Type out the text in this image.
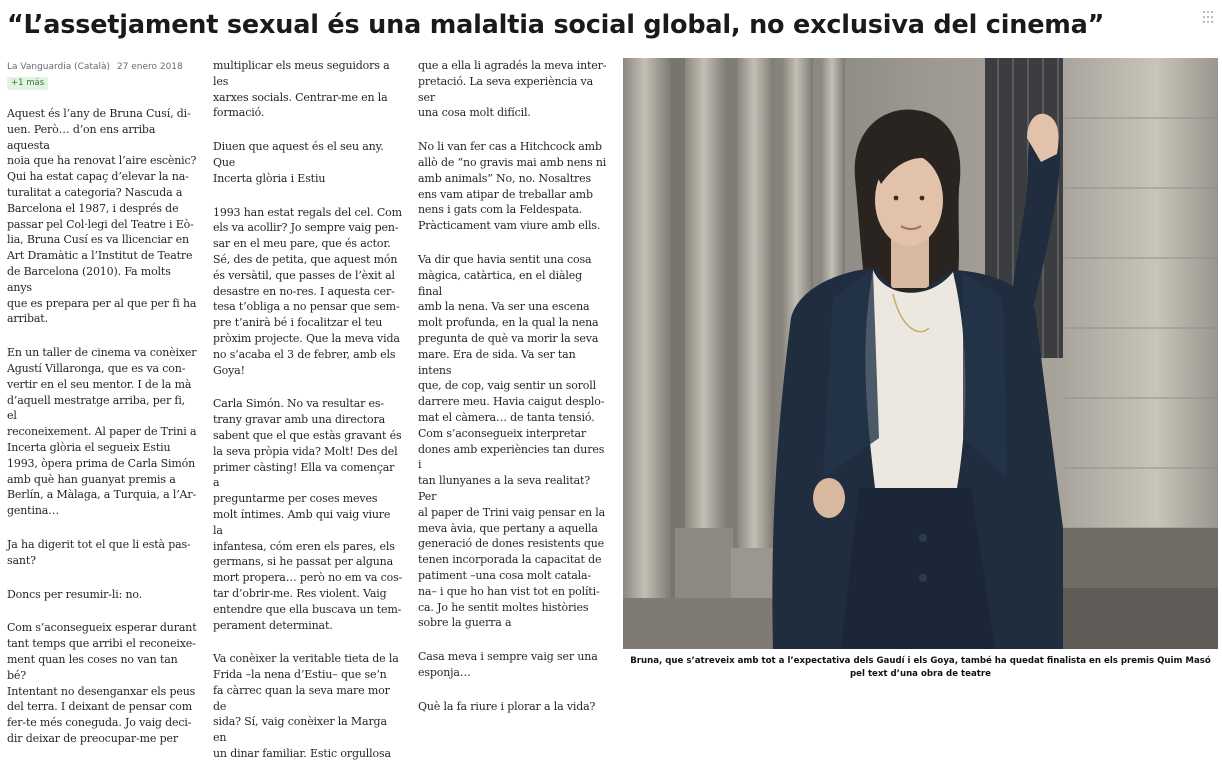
“L’assetjament sexual és una malaltia social global, no exclusiva del cinema”
La Vanguardia (Català) 27 enero 2018
+1 más

Aquest és l’any de Bruna Cusí, di-
uen. Però… d’on ens arriba aquesta
noia que ha renovat l’aire escènic?
Qui ha estat capaç d’elevar la na-
turalitat a categoria? Nascuda a
Barcelona el 1987, i després de
passar pel Col·legi del Teatre i Eò-
lia, Bruna Cusí es va llicenciar en
Art Dramàtic a l’Institut de Teatre
de Barcelona (2010). Fa molts anys
que es prepara per al que per fi ha
arribat.

En un taller de cinema va conèixer
Agustí Villaronga, que es va con-
vertir en el seu mentor. I de la mà
d’aquell mestratge arriba, per fi, el
reconeixement. Al paper de Trini a
Incerta glòria el segueix Estiu
1993, òpera prima de Carla Simón
amb què han guanyat premis a
Berlín, a Màlaga, a Turquia, a l’Ar-
gentina…

Ja ha digerit tot el que li està pas-
sant?

Doncs per resumir-li: no.

Com s’aconsegueix esperar durant
tant temps que arribi el reconeixe-
ment quan les coses no van tan bé?
Intentant no desenganxar els peus
del terra. I deixant de pensar com
fer-te més coneguda. Jo vaig deci-
dir deixar de preocupar-me per

multiplicar els meus seguidors a les
xarxes socials. Centrar-me en la
formació.

Diuen que aquest és el seu any. Que
Incerta glòria i Estiu

1993 han estat regals del cel. Com
els va acollir? Jo sempre vaig pen-
sar en el meu pare, que és actor.
Sé, des de petita, que aquest món
és versàtil, que passes de l’èxit al
desastre en no-res. I aquesta cer-
tesa t’obliga a no pensar que sem-
pre t’anirà bé i focalitzar el teu
pròxim projecte. Que la meva vida
no s’acaba el 3 de febrer, amb els
Goya!

Carla Simón. No va resultar es-
trany gravar amb una directora
sabent que el que estàs gravant és
la seva pròpia vida? Molt! Des del
primer càsting! Ella va començar a
preguntarme per coses meves
molt íntimes. Amb qui vaig viure la
infantesa, cóm eren els pares, els
germans, si he passat per alguna
mort propera… però no em va cos-
tar d’obrir-me. Res violent. Vaig
entendre que ella buscava un tem-
perament determinat.

Va conèixer la veritable tieta de la
Frida –la nena d’Estiu– que se’n
fa càrrec quan la seva mare mor de
sida? Sí, vaig conèixer la Marga en
un dinar familiar. Estic orgullosa

que a ella li agradés la meva inter-
pretació. La seva experiència va ser
una cosa molt difícil.

No li van fer cas a Hitchcock amb
allò de “no gravis mai amb nens ni
amb animals” No, no. Nosaltres
ens vam atipar de treballar amb
nens i gats com la Feldespata.
Pràcticament vam viure amb ells.

Va dir que havia sentit una cosa
màgica, catàrtica, en el diàleg final
amb la nena. Va ser una escena
molt profunda, en la qual la nena
pregunta de què va morir la seva
mare. Era de sida. Va ser tan intens
que, de cop, vaig sentir un soroll
darrere meu. Havia caigut desplo-
mat el càmera… de tanta tensió.
Com s’aconsegueix interpretar
dones amb experiències tan dures i
tan llunyanes a la seva realitat? Per
al paper de Trini vaig pensar en la
meva àvia, que pertany a aquella
generació de dones resistents que
tenen incorporada la capacitat de
patiment –una cosa molt catala-
na– i que ho han vist tot en políti-
ca. Jo he sentit moltes històries
sobre la guerra a

Casa meva i sempre vaig ser una
esponja…

Què la fa riure i plorar a la vida?

Bruna, que s’atreveix amb tot a l’expectativa dels Gaudí i els Goya, també ha quedat finalista en els premis Quim Masó pel text d’una obra de teatre
